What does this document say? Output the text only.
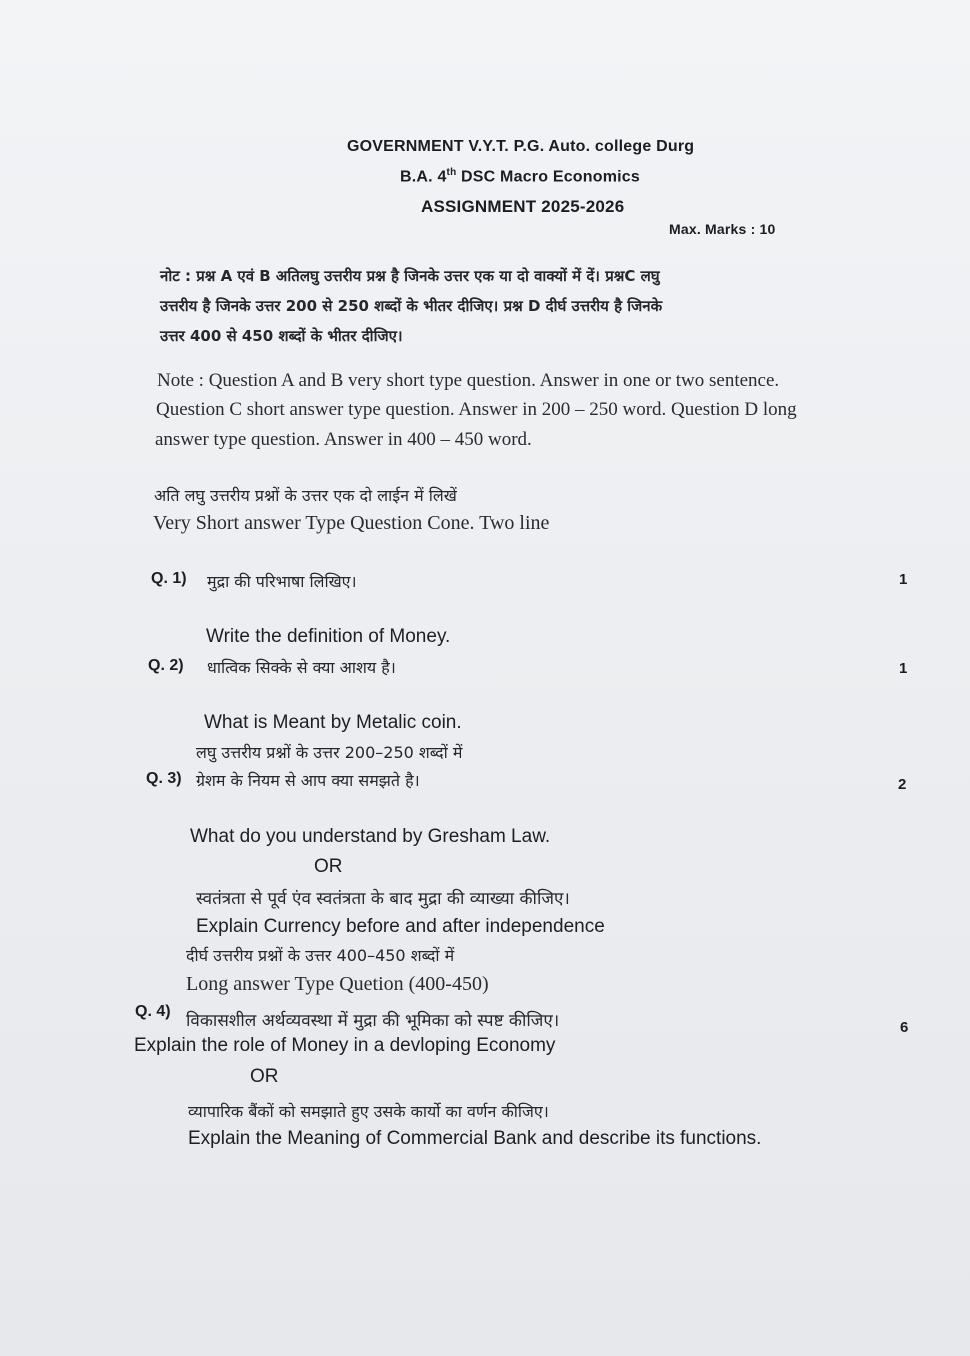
GOVERNMENT V.Y.T. P.G. Auto. college Durg
B.A. 4th DSC Macro Economics
ASSIGNMENT 2025-2026
Max. Marks : 10
नोट : प्रश्न A एवं B अतिलघु उत्तरीय प्रश्न है जिनके उत्तर एक या दो वाक्यों में दें। प्रश्नC लघु
उत्तरीय है जिनके उत्तर 200 से 250 शब्दों के भीतर दीजिए। प्रश्न D दीर्घ उत्तरीय है जिनके
उत्तर 400 से 450 शब्दों के भीतर दीजिए।
Note : Question A and B very short type question. Answer in one or two sentence.
Question C short answer type question. Answer in 200 – 250 word. Question D long
answer type question. Answer in 400 – 450 word.
अति लघु उत्तरीय प्रश्नों के उत्तर एक दो लाईन में लिखें
Very Short answer Type Question Cone. Two line
Q. 1) मुद्रा की परिभाषा लिखिए।	1
Write the definition of Money.
Q. 2) धात्विक सिक्के से क्या आशय है।	1
What is Meant by Metalic coin.
लघु उत्तरीय प्रश्नों के उत्तर 200–250 शब्दों में
Q. 3) ग्रेशम के नियम से आप क्या समझते है।	2
What do you understand by Gresham Law.
OR
स्वतंत्रता से पूर्व एंव स्वतंत्रता के बाद मुद्रा की व्याख्या कीजिए।
Explain Currency before and after independence
दीर्घ उत्तरीय प्रश्नों के उत्तर 400–450 शब्दों में
Long answer Type Quetion (400-450)
Q. 4) विकासशील अर्थव्यवस्था में मुद्रा की भूमिका को स्पष्ट कीजिए।	6
Explain the role of Money in a devloping Economy
OR
व्यापारिक बैंकों को समझाते हुए उसके कार्यो का वर्णन कीजिए।
Explain the Meaning of Commercial Bank and describe its functions.
